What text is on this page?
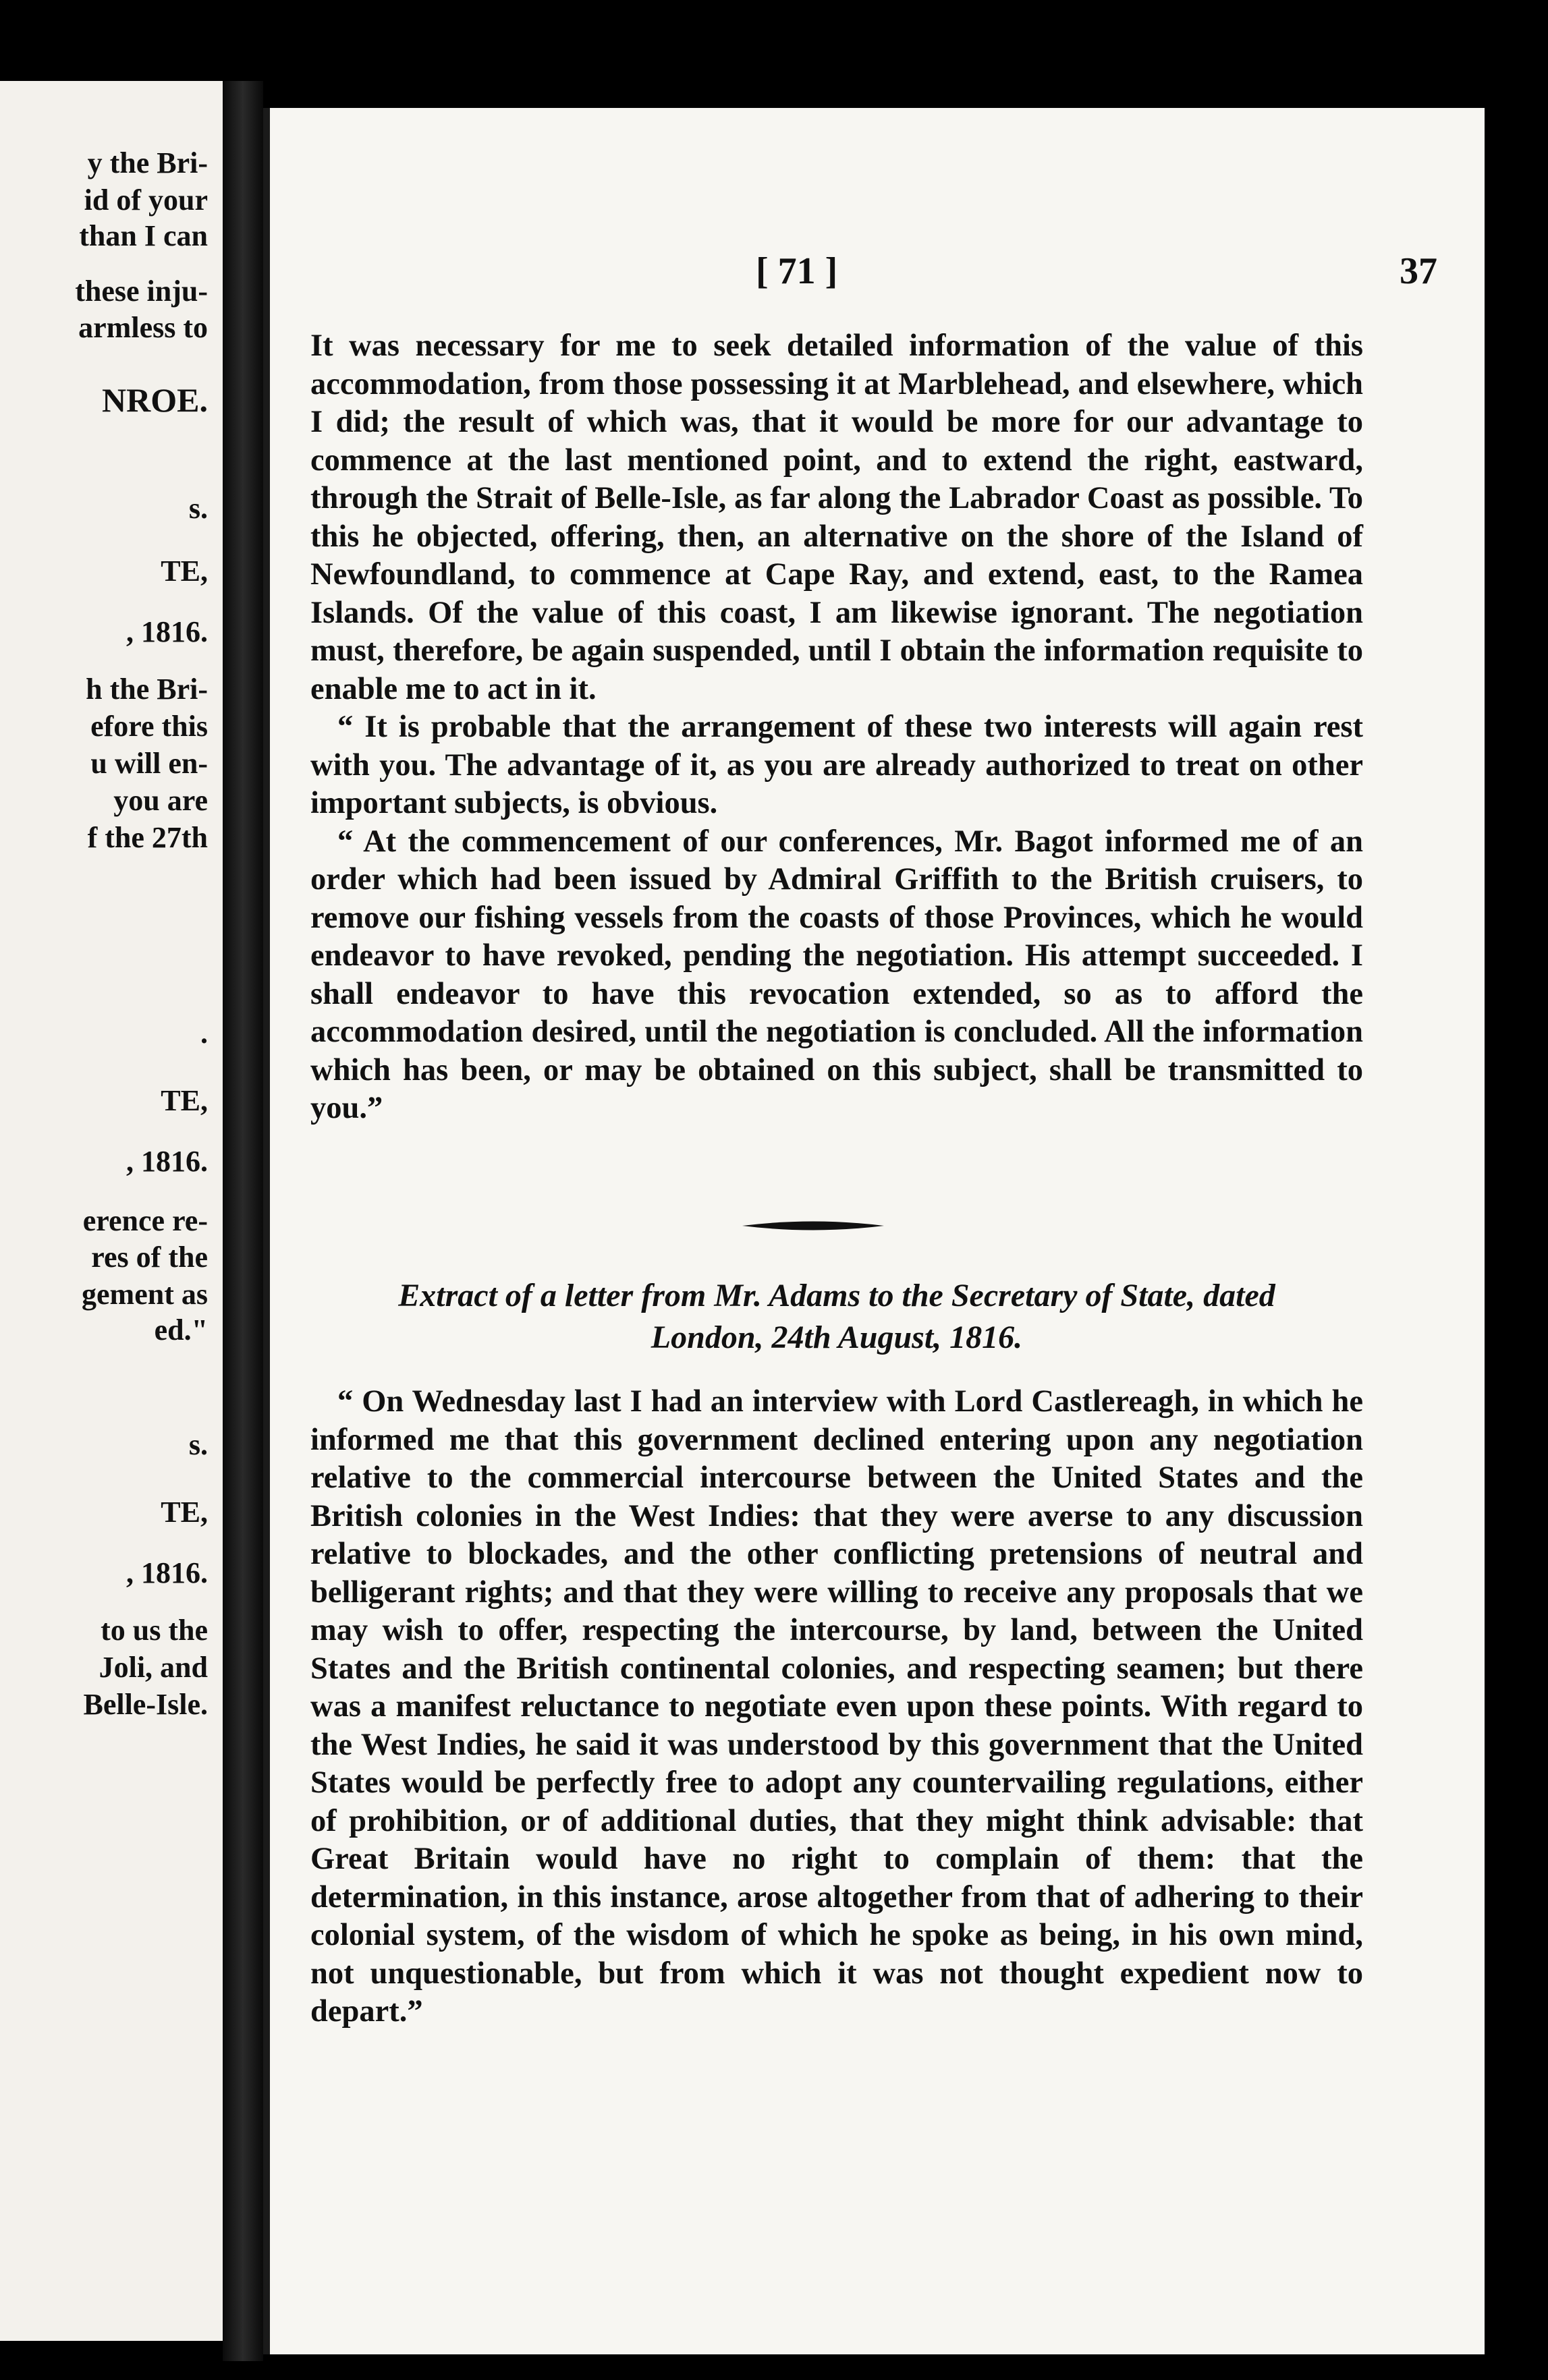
y the Bri-
id of your
than I can
these inju-
armless to
NROE.
s.
TE,
, 1816.
h the Bri-
efore this
u will en-
you are
f the 27th
.
TE,
, 1816.
erence re-
res of the
gement as
ed."
s.
TE,
, 1816.
to us the
Joli, and
Belle-Isle.
[ 71 ]	37

It was necessary for me to seek detailed information of the value of this accommodation, from those possessing it at Marblehead, and elsewhere, which I did; the result of which was, that it would be more for our advantage to commence at the last mentioned point, and to extend the right, eastward, through the Strait of Belle-Isle, as far along the Labrador Coast as possible. To this he objected, offering, then, an alternative on the shore of the Island of Newfoundland, to commence at Cape Ray, and extend, east, to the Ramea Islands. Of the value of this coast, I am likewise ignorant. The negotiation must, therefore, be again suspended, until I obtain the information requisite to enable me to act in it.

“ It is probable that the arrangement of these two interests will again rest with you. The advantage of it, as you are already authorized to treat on other important subjects, is obvious.

“ At the commencement of our conferences, Mr. Bagot informed me of an order which had been issued by Admiral Griffith to the British cruisers, to remove our fishing vessels from the coasts of those Provinces, which he would endeavor to have revoked, pending the negotiation. His attempt succeeded. I shall endeavor to have this revocation extended, so as to afford the accommodation desired, until the negotiation is concluded. All the information which has been, or may be obtained on this subject, shall be transmitted to you.”

Extract of a letter from Mr. Adams to the Secretary of State, dated
London, 24th August, 1816.

“ On Wednesday last I had an interview with Lord Castlereagh, in which he informed me that this government declined entering upon any negotiation relative to the commercial intercourse between the United States and the British colonies in the West Indies: that they were averse to any discussion relative to blockades, and the other conflicting pretensions of neutral and belligerant rights; and that they were willing to receive any proposals that we may wish to offer, respecting the intercourse, by land, between the United States and the British continental colonies, and respecting seamen; but there was a manifest reluctance to negotiate even upon these points. With regard to the West Indies, he said it was understood by this government that the United States would be perfectly free to adopt any countervailing regulations, either of prohibition, or of additional duties, that they might think advisable: that Great Britain would have no right to complain of them: that the determination, in this instance, arose altogether from that of adhering to their colonial system, of the wisdom of which he spoke as being, in his own mind, not unquestionable, but from which it was not thought expedient now to depart.”
